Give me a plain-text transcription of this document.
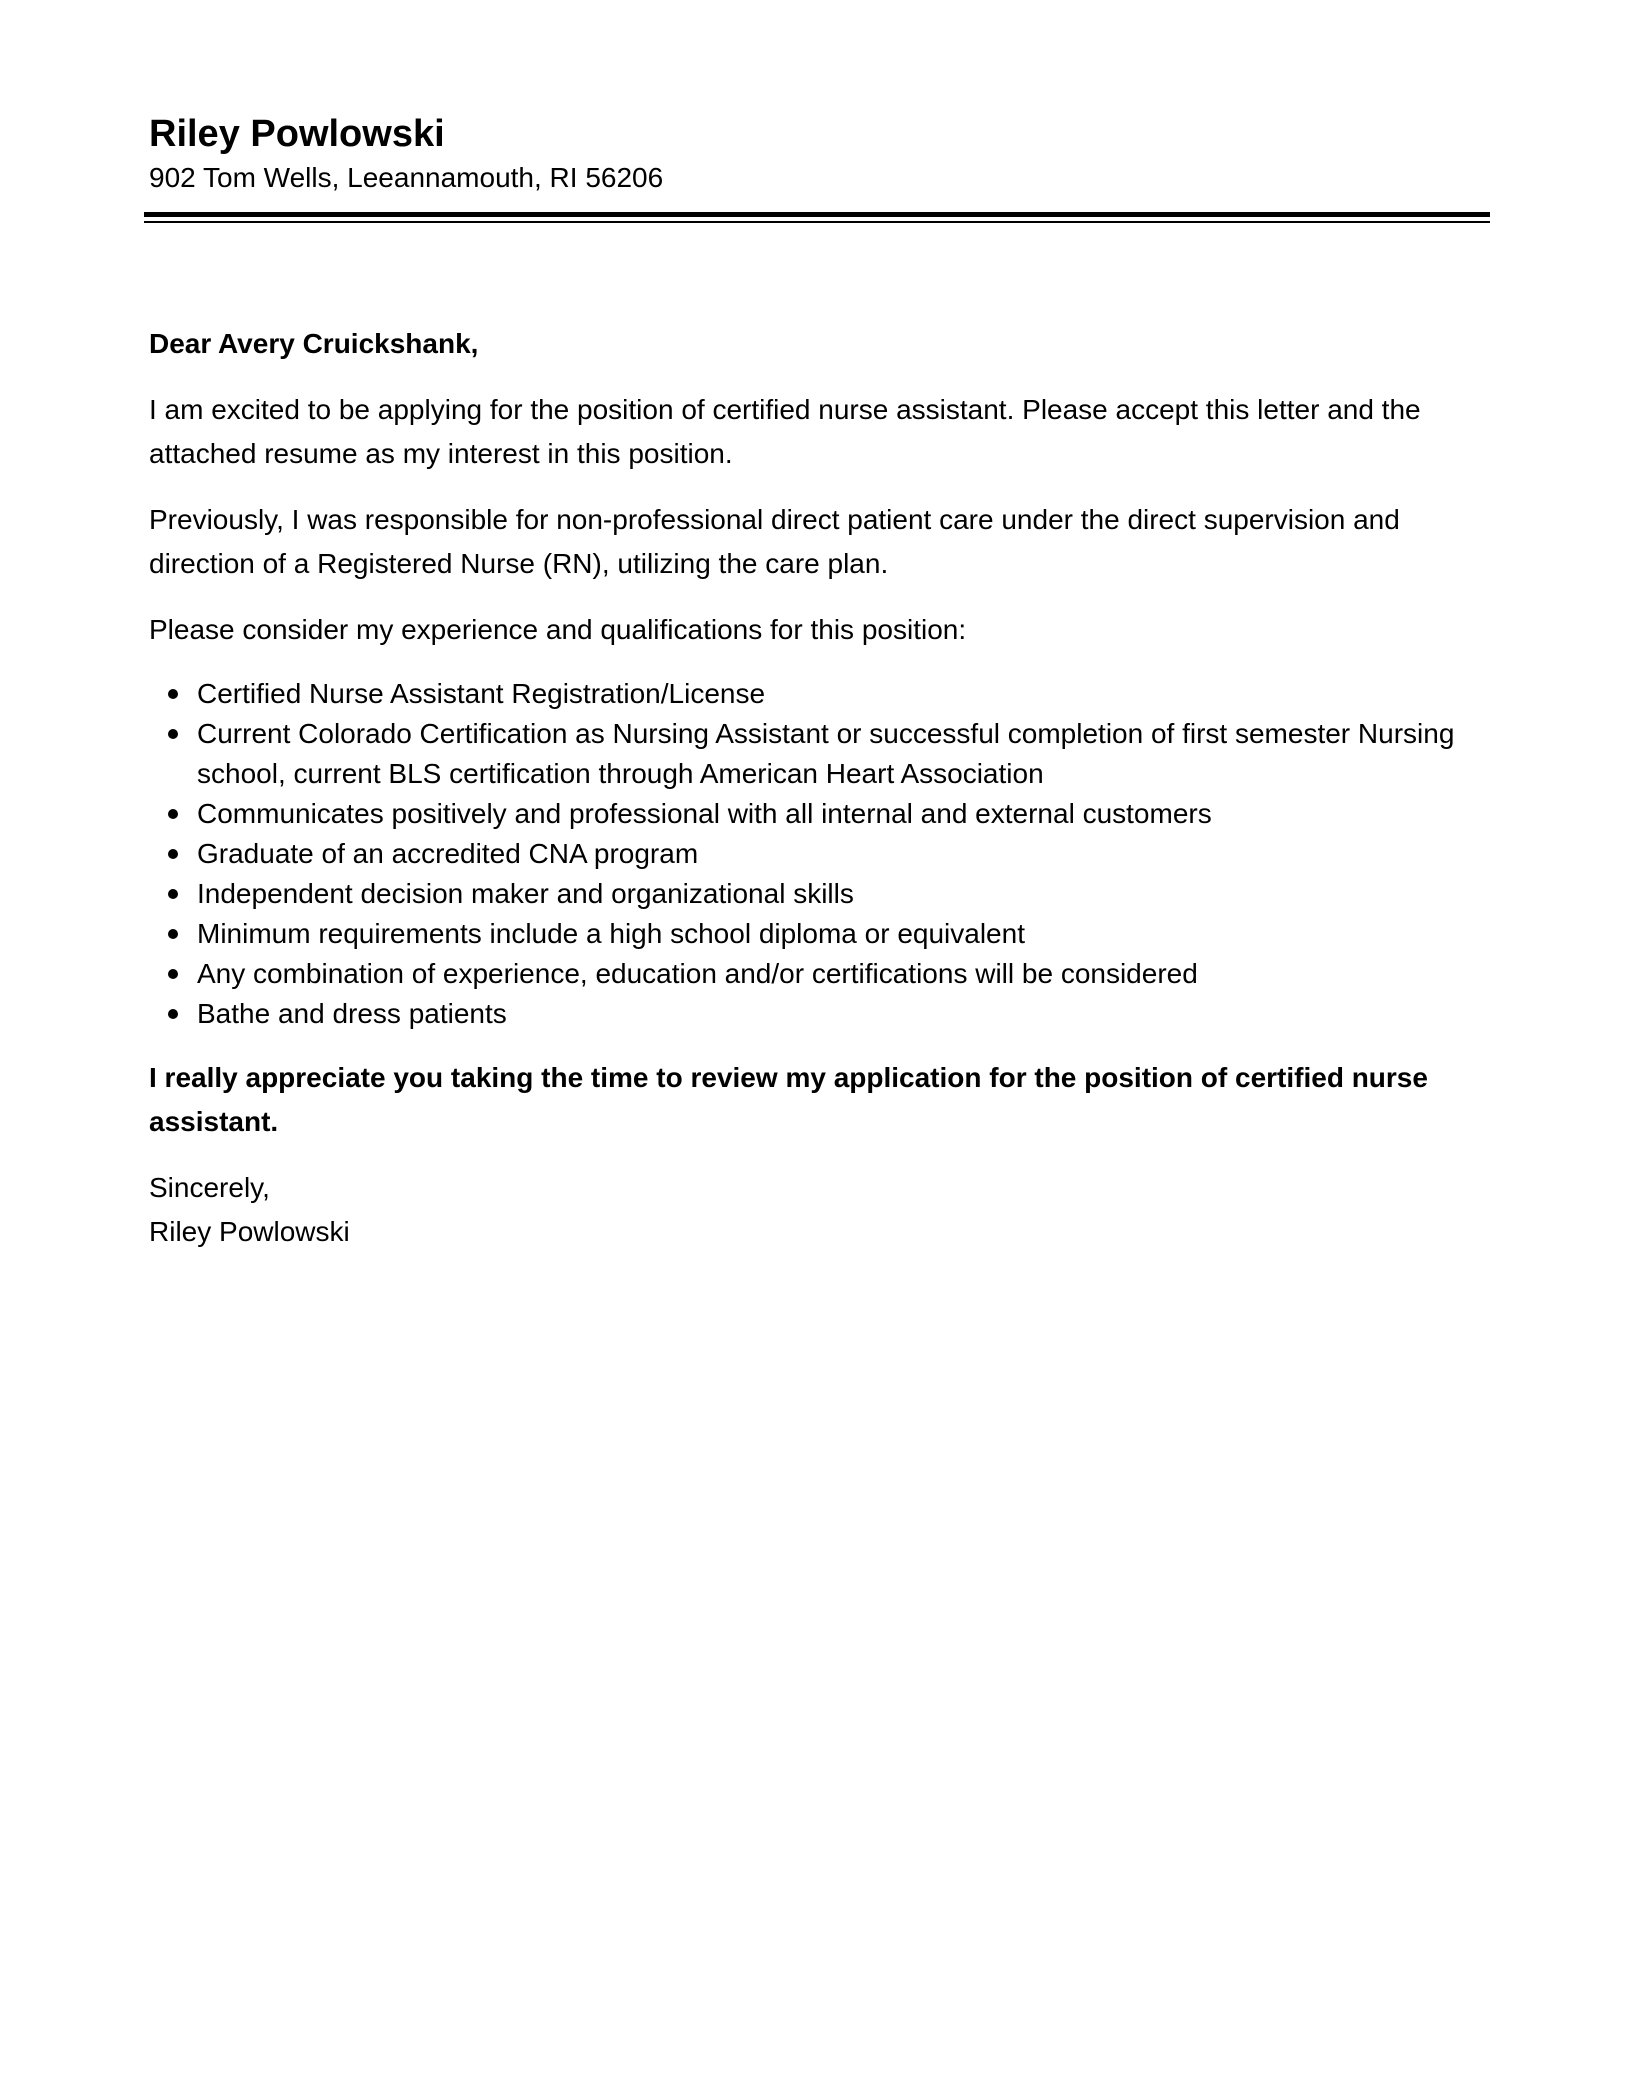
Riley Powlowski
902 Tom Wells, Leeannamouth, RI 56206

Dear Avery Cruickshank,

I am excited to be applying for the position of certified nurse assistant. Please accept this letter and the attached resume as my interest in this position.

Previously, I was responsible for non-professional direct patient care under the direct supervision and direction of a Registered Nurse (RN), utilizing the care plan.

Please consider my experience and qualifications for this position:

Certified Nurse Assistant Registration/License
Current Colorado Certification as Nursing Assistant or successful completion of first semester Nursing school, current BLS certification through American Heart Association
Communicates positively and professional with all internal and external customers
Graduate of an accredited CNA program
Independent decision maker and organizational skills
Minimum requirements include a high school diploma or equivalent
Any combination of experience, education and/or certifications will be considered
Bathe and dress patients

I really appreciate you taking the time to review my application for the position of certified nurse assistant.

Sincerely,
Riley Powlowski
